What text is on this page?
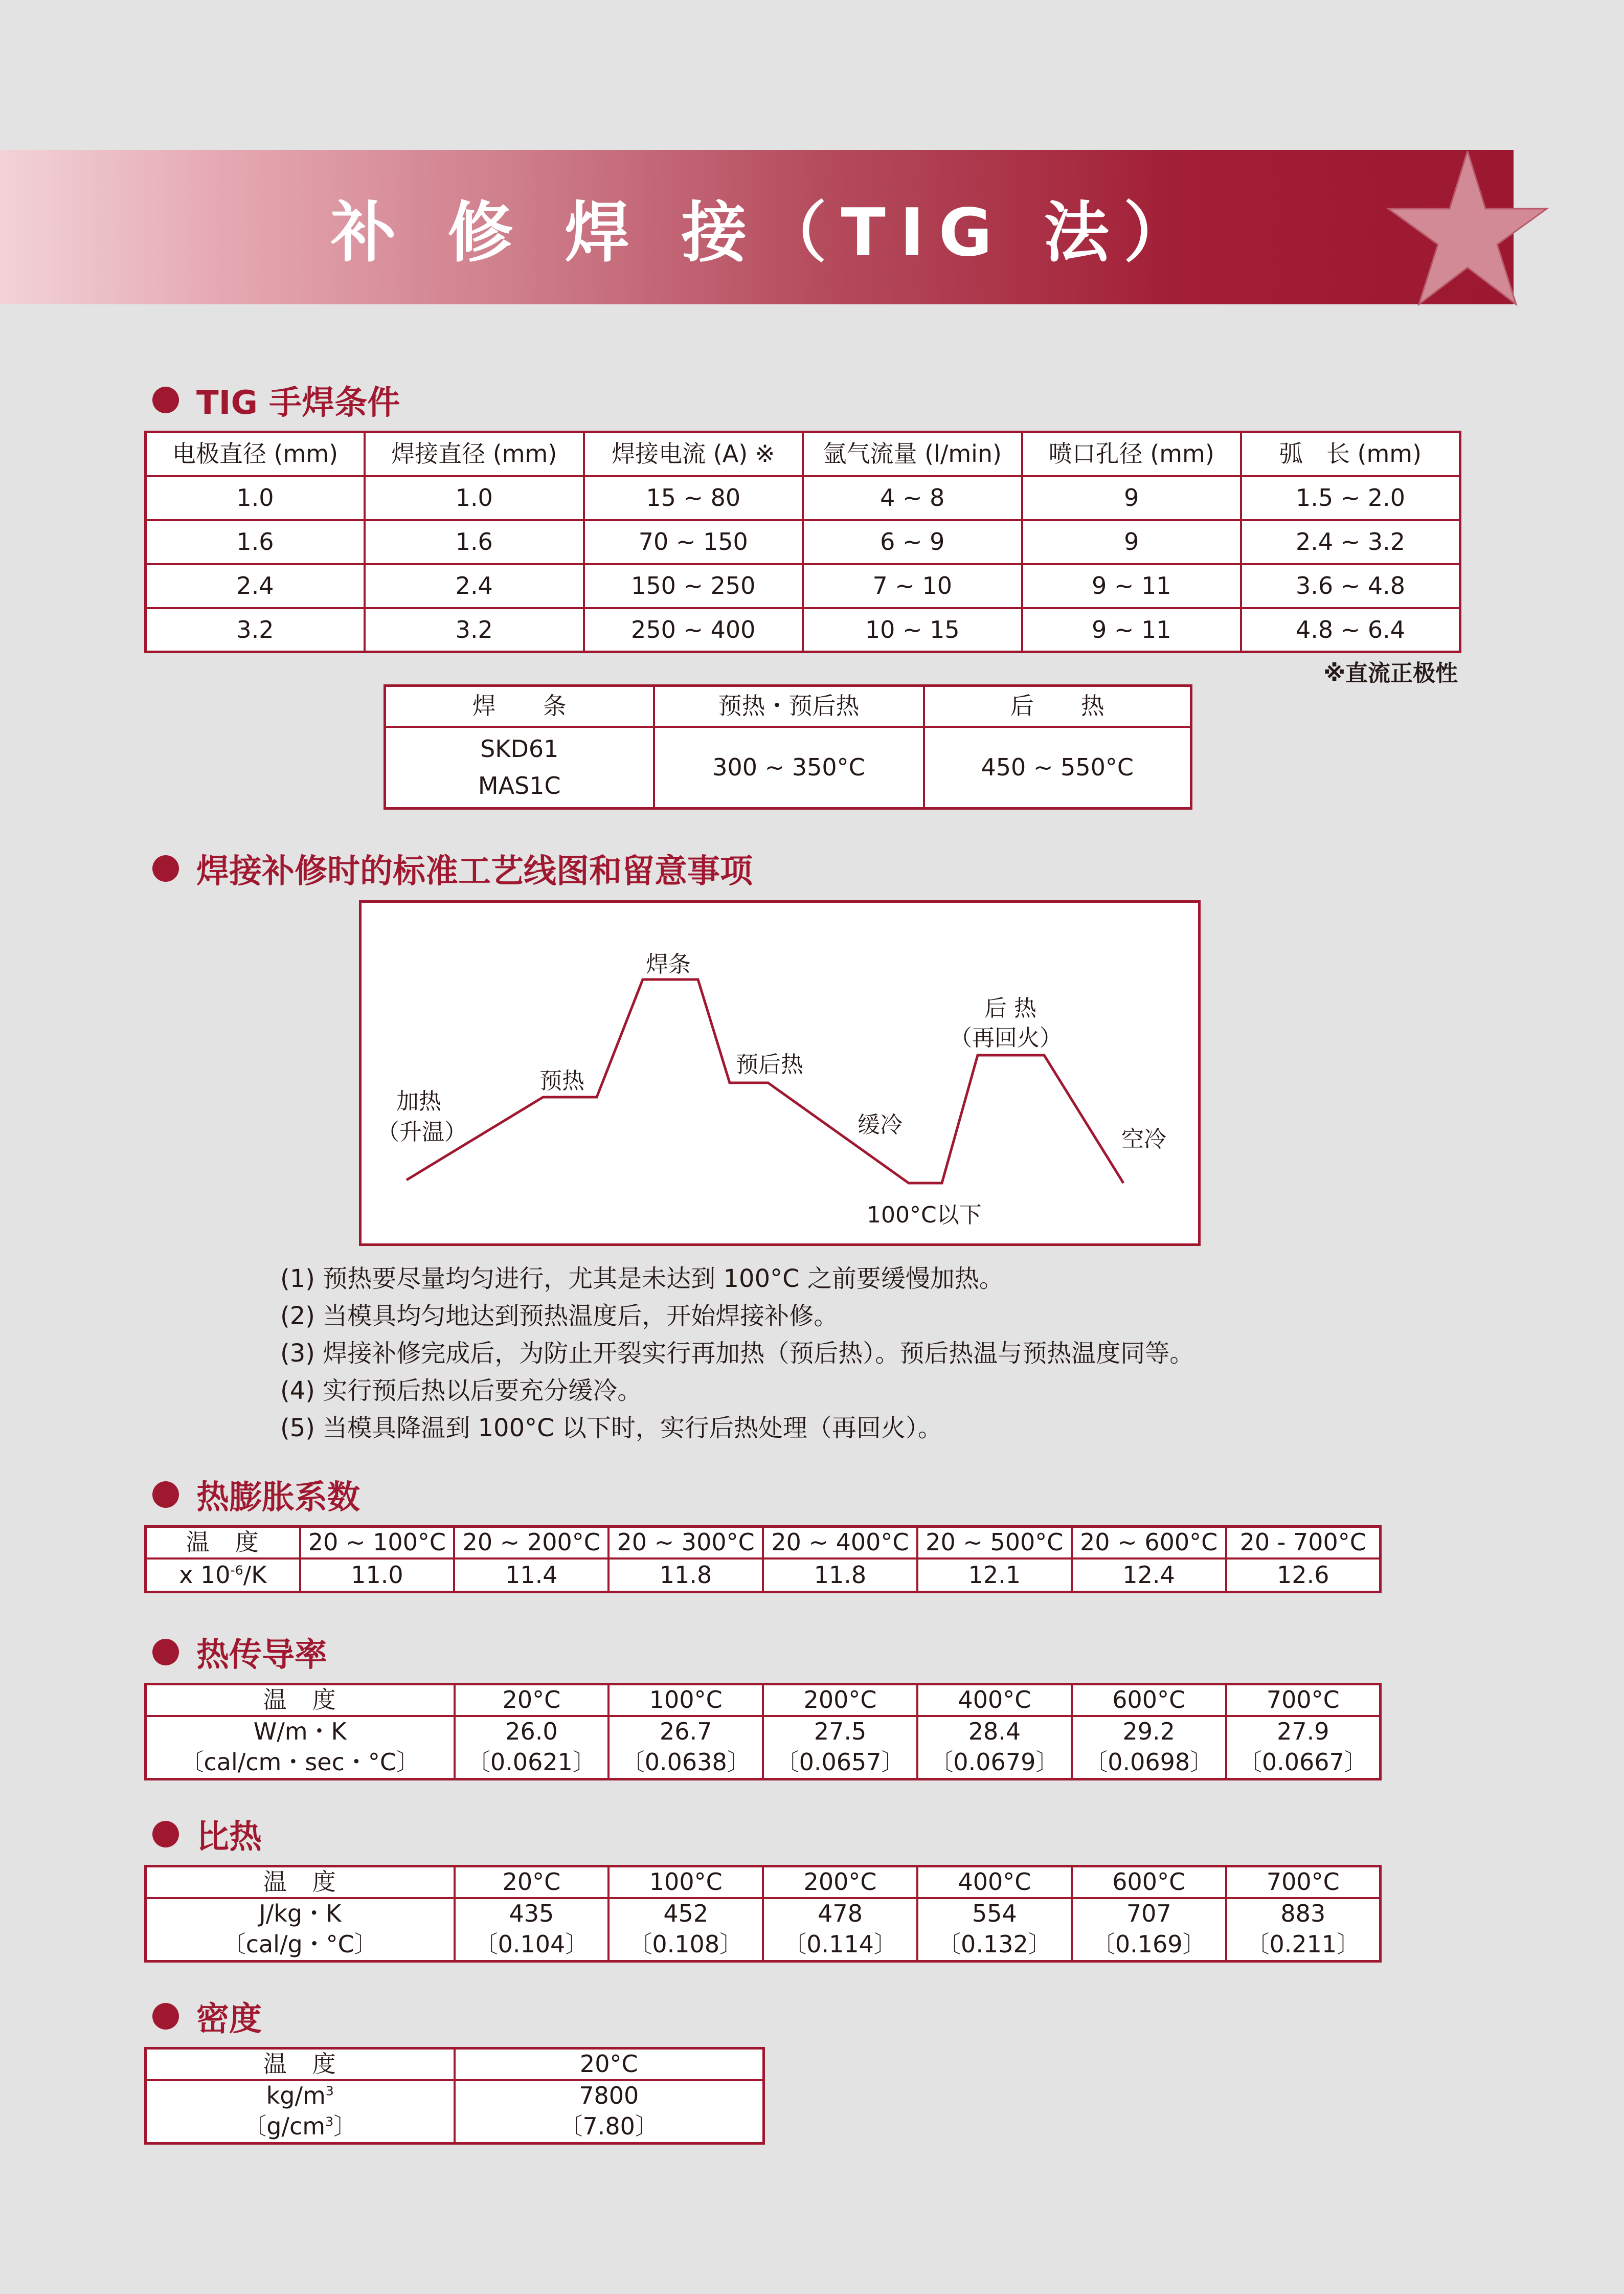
补 修 焊 接（TIG 法）
TIG 手焊条件
电极直径 (mm)	焊接直径 (mm)	焊接电流 (A) ※	氩气流量 (l/min)	喷口孔径 (mm)	弧　长 (mm)
1.0	1.0	15 ~ 80	4 ~ 8	9	1.5 ~ 2.0
1.6	1.6	70 ~ 150	6 ~ 9	9	2.4 ~ 3.2
2.4	2.4	150 ~ 250	7 ~ 10	9 ~ 11	3.6 ~ 4.8
3.2	3.2	250 ~ 400	10 ~ 15	9 ~ 11	4.8 ~ 6.4
※直流正极性
焊　　条	预热・预后热	后　　热

SKD61
MAS1C	300 ~ 350°C	450 ~ 550°C
焊接补修时的标准工艺线图和留意事项
加热
（升温）
预热
焊条
预后热
缓冷
100°C以下
后 热
（再回火）
空冷
(1) 预热要尽量均匀进行，尤其是未达到 100°C 之前要缓慢加热。
(2) 当模具均匀地达到预热温度后，开始焊接补修。
(3) 焊接补修完成后，为防止开裂实行再加热（预后热）。预后热温与预热温度同等。
(4) 实行预后热以后要充分缓冷。
(5) 当模具降温到 100°C 以下时，实行后热处理（再回火）。
热膨胀系数
温　度	20 ~ 100°C	20 ~ 200°C	20 ~ 300°C	20 ~ 400°C	20 ~ 500°C	20 ~ 600°C	20 - 700°C
x $10^{-6}/K$	11.0	11.4	11.8	11.8	12.1	12.4	12.6
热传导率
温　度	20°C	100°C	200°C	400°C	600°C	700°C
W/m・K	26.0	26.7	27.5	28.4	29.2	27.9
〔cal/cm・sec・°C〕	〔0.0621〕	〔0.0638〕	〔0.0657〕	〔0.0679〕	〔0.0698〕	〔0.0667〕
比热
温　度	20°C	100°C	200°C	400°C	600°C	700°C
J/kg・K	435	452	478	554	707	883
〔cal/g・°C〕	〔0.104〕	〔0.108〕	〔0.114〕	〔0.132〕	〔0.169〕	〔0.211〕
密度
温　度	20°C
$kg/m^3$	7800
〔$g/cm^3$〕	〔7.80〕
